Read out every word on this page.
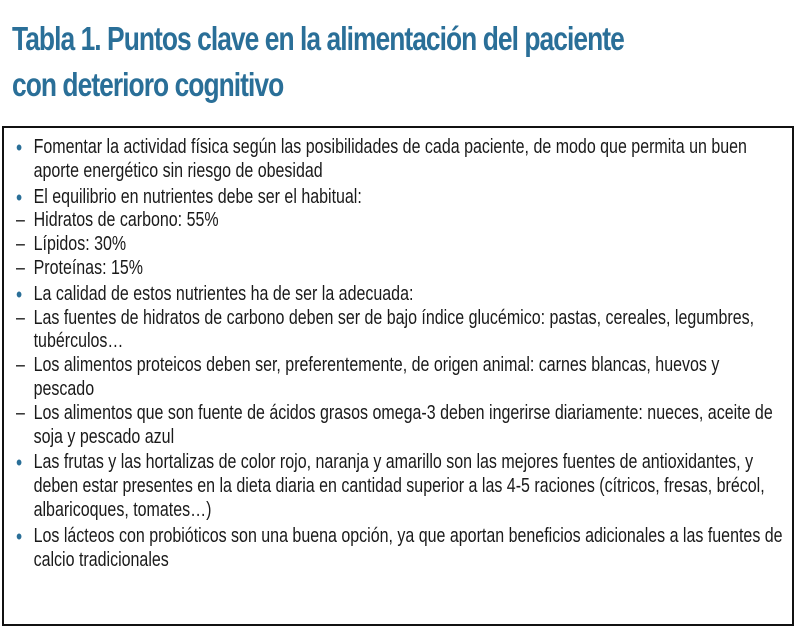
Tabla 1. Puntos clave en la alimentación del paciente
con deterioro cognitivo
• Fomentar la actividad física según las posibilidades de cada paciente, de modo que permita un buen aporte energético sin riesgo de obesidad
• El equilibrio en nutrientes debe ser el habitual:
– Hidratos de carbono: 55%
– Lípidos: 30%
– Proteínas: 15%
• La calidad de estos nutrientes ha de ser la adecuada:
– Las fuentes de hidratos de carbono deben ser de bajo índice glucémico: pastas, cereales, legumbres, tubérculos…
– Los alimentos proteicos deben ser, preferentemente, de origen animal: carnes blancas, huevos y pescado
– Los alimentos que son fuente de ácidos grasos omega-3 deben ingerirse diariamente: nueces, aceite de soja y pescado azul
• Las frutas y las hortalizas de color rojo, naranja y amarillo son las mejores fuentes de antioxidantes, y deben estar presentes en la dieta diaria en cantidad superior a las 4-5 raciones (cítricos, fresas, brécol, albaricoques, tomates…)
• Los lácteos con probióticos son una buena opción, ya que aportan beneficios adicionales a las fuentes de calcio tradicionales
